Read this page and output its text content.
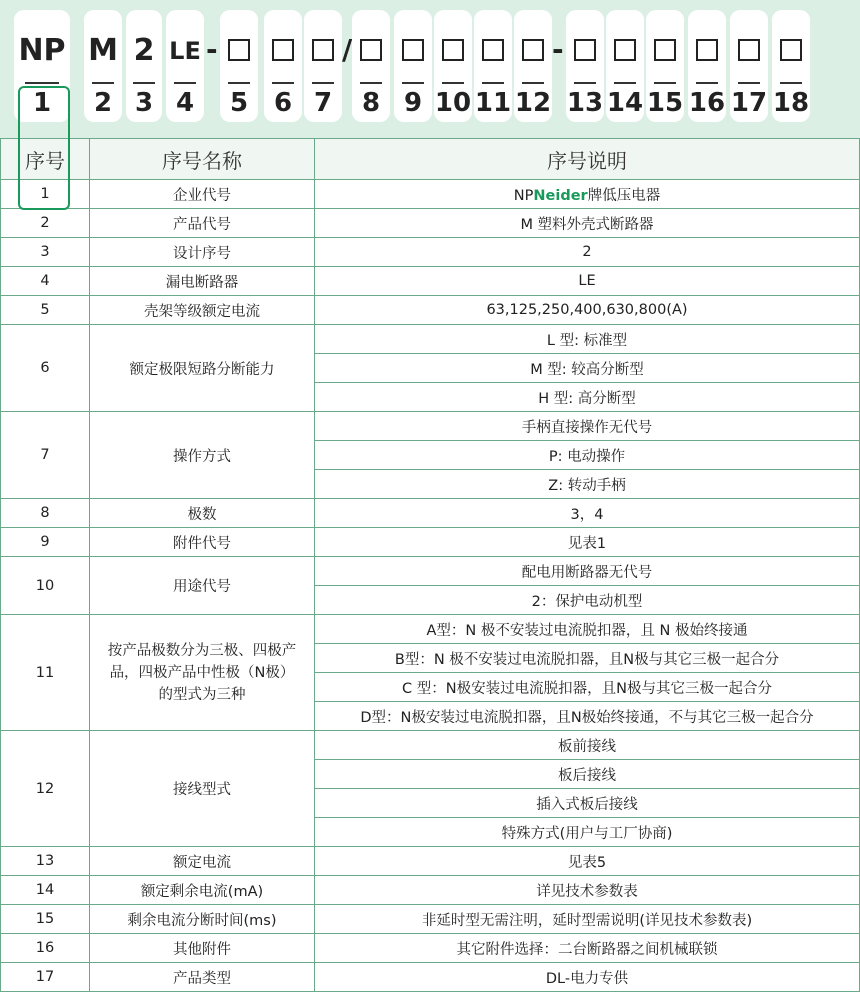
NP
1
M
2
2
3
LE
4
-
5 6 7
/
8 9 10 11 12
-
13 14 15 16 17 18
序号	序号名称	序号说明
1	企业代号	NPNeider牌低压电器
2	产品代号	M 塑料外壳式断路器
3	设计序号	2
4	漏电断路器	LE
5	壳架等级额定电流	63,125,250,400,630,800(A)
6	额定极限短路分断能力	L 型: 标准型
		M 型: 较高分断型
		H 型: 高分断型
7	操作方式	手柄直接操作无代号
		P: 电动操作
		Z: 转动手柄
8	极数	3，4
9	附件代号	见表1
10	用途代号	配电用断路器无代号
		2：保护电动机型
11	按产品极数分为三极、四极产品，四极产品中性极（N极）的型式为三种	A型：N 极不安装过电流脱扣器，且 N 极始终接通
		B型：N 极不安装过电流脱扣器，且N极与其它三极一起合分
		C 型：N极安装过电流脱扣器，且N极与其它三极一起合分
		D型：N极安装过电流脱扣器，且N极始终接通，不与其它三极一起合分
12	接线型式	板前接线
		板后接线
		插入式板后接线
		特殊方式(用户与工厂协商)
13	额定电流	见表5
14	额定剩余电流(mA)	详见技术参数表
15	剩余电流分断时间(ms)	非延时型无需注明，延时型需说明(详见技术参数表)
16	其他附件	其它附件选择：二台断路器之间机械联锁
17	产品类型	DL-电力专供
